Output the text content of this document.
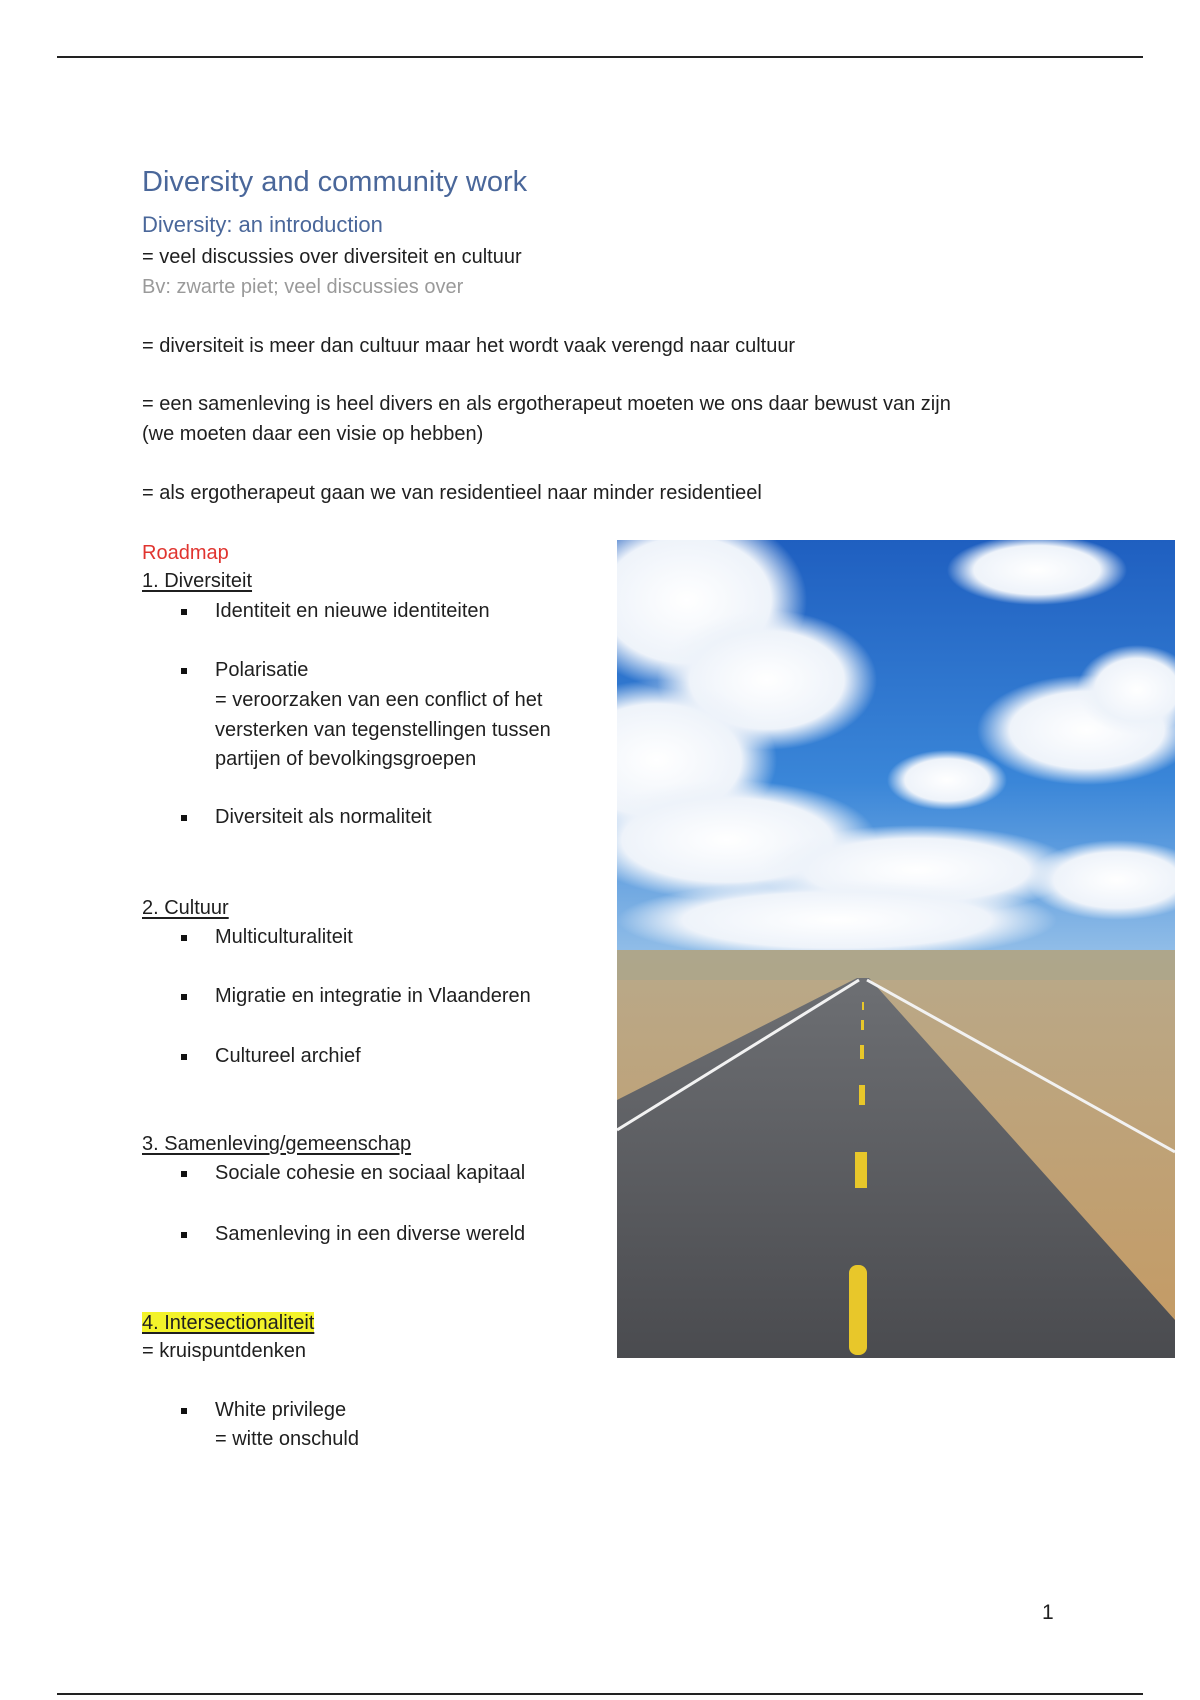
Diversity and community work
Diversity: an introduction
= veel discussies over diversiteit en cultuur
Bv: zwarte piet; veel discussies over
= diversiteit is meer dan cultuur maar het wordt vaak verengd naar cultuur
= een samenleving is heel divers en als ergotherapeut moeten we ons daar bewust van zijn
(we moeten daar een visie op hebben)
= als ergotherapeut gaan we van residentieel naar minder residentieel
Roadmap
1. Diversiteit
Identiteit en nieuwe identiteiten
Polarisatie
= veroorzaken van een conflict of het
versterken van tegenstellingen tussen
partijen of bevolkingsgroepen
Diversiteit als normaliteit
2. Cultuur
Multiculturaliteit
Migratie en integratie in Vlaanderen
Cultureel archief
3. Samenleving/gemeenschap
Sociale cohesie en sociaal kapitaal
Samenleving in een diverse wereld
4. Intersectionaliteit
= kruispuntdenken
White privilege
= witte onschuld
1
